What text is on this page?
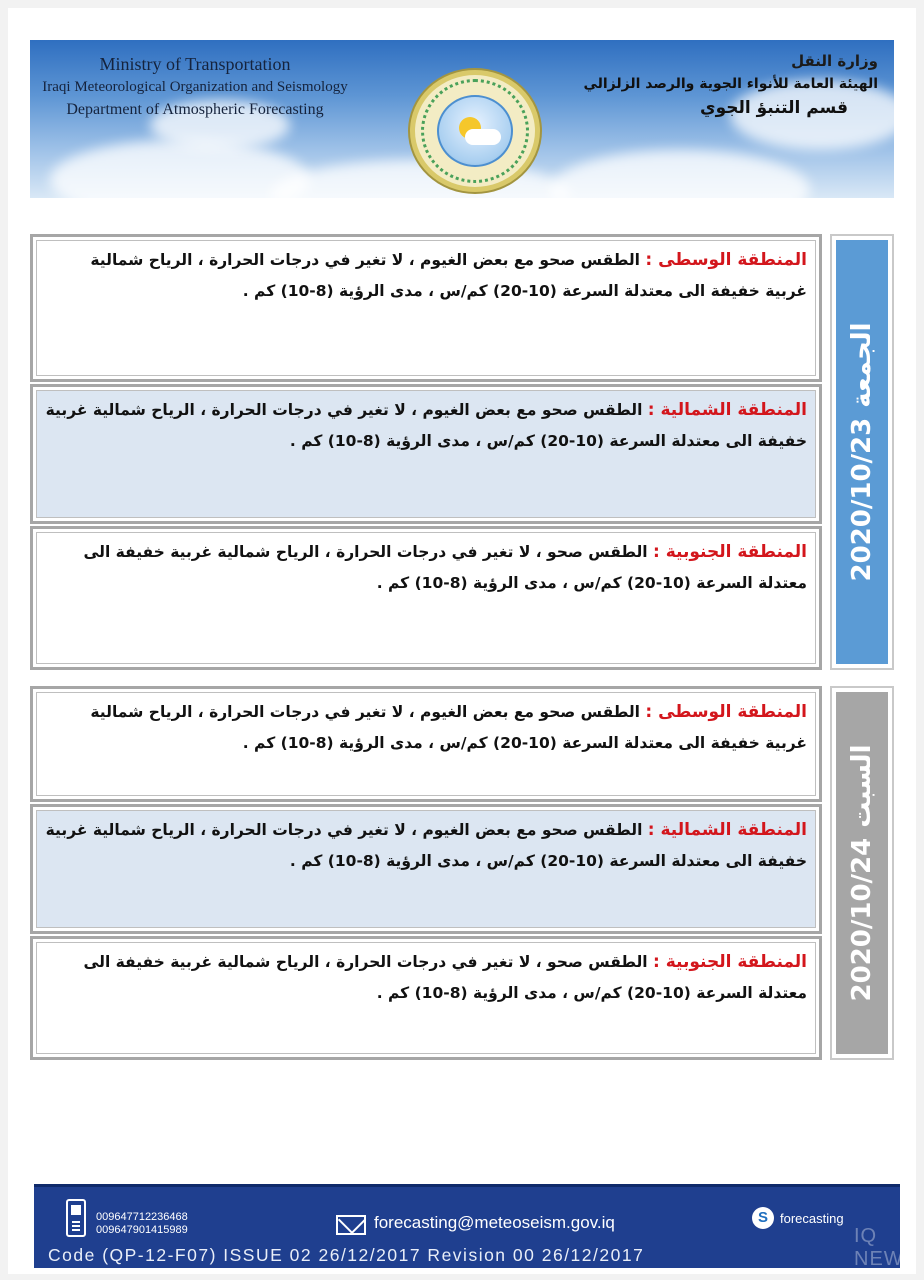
Ministry of Transportation
Iraqi Meteorological Organization and Seismology
Department of Atmospheric Forecasting
وزارة النقل
الهيئة العامة للأنواء الجوية والرصد الزلزالي
قسم التنبؤ الجوي
المنطقة الوسطى : الطقس صحو مع بعض الغيوم ، لا تغير في درجات الحرارة ، الرياح شمالية غربية خفيفة الى معتدلة السرعة (10-20) كم/س ، مدى الرؤية (8-10) كم .
المنطقة الشمالية : الطقس صحو مع بعض الغيوم ، لا تغير في درجات الحرارة ، الرياح شمالية غربية خفيفة الى معتدلة السرعة (10-20) كم/س ، مدى الرؤية (8-10) كم .
المنطقة الجنوبية : الطقس صحو ، لا تغير في درجات الحرارة ، الرياح شمالية غربية خفيفة الى معتدلة السرعة (10-20) كم/س ، مدى الرؤية (8-10) كم .
الجمعة2020/10/23
المنطقة الوسطى : الطقس صحو مع بعض الغيوم ، لا تغير في درجات الحرارة ، الرياح شمالية غربية خفيفة الى معتدلة السرعة (10-20) كم/س ، مدى الرؤية (8-10) كم .
المنطقة الشمالية : الطقس صحو مع بعض الغيوم ، لا تغير في درجات الحرارة ، الرياح شمالية غربية خفيفة الى معتدلة السرعة (10-20) كم/س ، مدى الرؤية (8-10) كم .
المنطقة الجنوبية : الطقس صحو ، لا تغير في درجات الحرارة ، الرياح شمالية غربية خفيفة الى معتدلة السرعة (10-20) كم/س ، مدى الرؤية (8-10) كم .
السبت2020/10/24
009647712236468
009647901415989	forecasting@meteoseism.gov.iq	S forecasting
IQ NEWS
Code (QP-12-F07) ISSUE 02 26/12/2017 Revision 00 26/12/2017
